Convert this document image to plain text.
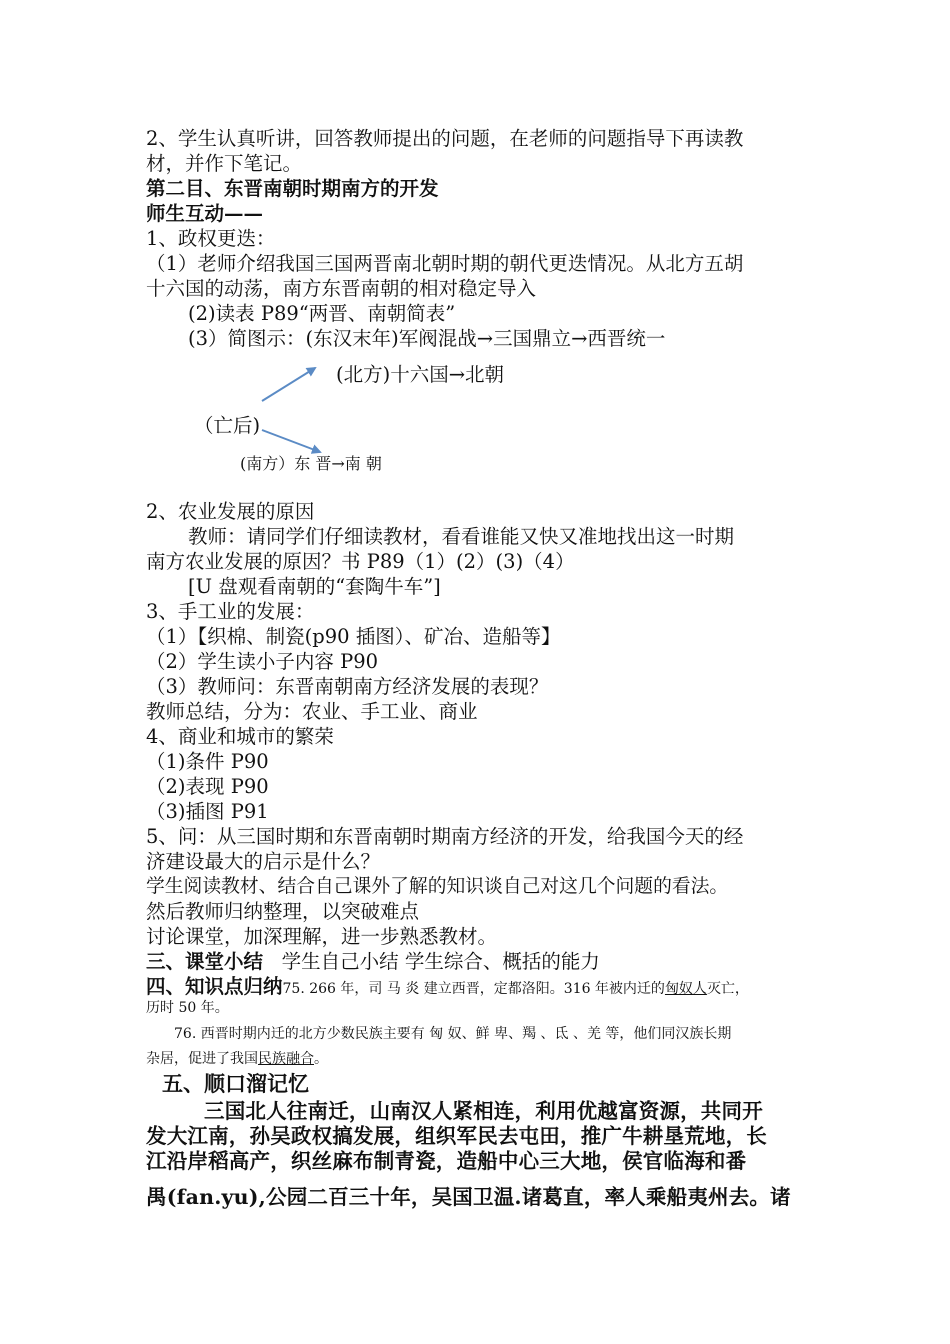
2、学生认真听讲，回答教师提出的问题，在老师的问题指导下再读教
材，并作下笔记。
第二目、东晋南朝时期南方的开发
师生互动——
1、政权更迭：
（1）老师介绍我国三国两晋南北朝时期的朝代更迭情况。从北方五胡
十六国的动荡，南方东晋南朝的相对稳定导入
(2)读表 P89“两晋、南朝简表”
(3）简图示：(东汉末年)军阀混战→三国鼎立→西晋统一
(北方)十六国→北朝
（亡后)
(南方）东 晋→南 朝
2、农业发展的原因
教师：请同学们仔细读教材，看看谁能又快又准地找出这一时期
南方农业发展的原因？书 P89（1）(2）(3)（4）
[U 盘观看南朝的“套陶牛车”]
3、手工业的发展：
（1）【织棉、制瓷(p90 插图）、矿冶、造船等】
（2）学生读小子内容 P90
（3）教师问：东晋南朝南方经济发展的表现？
教师总结，分为：农业、手工业、商业
4、商业和城市的繁荣
（1)条件 P90
（2)表现 P90
（3)插图 P91
5、问：从三国时期和东晋南朝时期南方经济的开发，给我国今天的经
济建设最大的启示是什么？
学生阅读教材、结合自己课外了解的知识谈自己对这几个问题的看法。
然后教师归纳整理，以突破难点
讨论课堂，加深理解，进一步熟悉教材。
三、课堂小结 学生自己小结 学生综合、概括的能力
四、知识点归纳75. 266 年，司 马 炎 建立西晋，定都洛阳。316 年被内迁的匈奴人灭亡，
历时 50 年。
76. 西晋时期内迁的北方少数民族主要有 匈 奴、鲜 卑、羯 、氐 、羌 等，他们同汉族长期
杂居，促进了我国民族融合。
五、顺口溜记忆
三国北人往南迁，山南汉人紧相连，利用优越富资源，共同开
发大江南，孙吴政权搞发展，组织军民去屯田，推广牛耕垦荒地，长
江沿岸稻高产，织丝麻布制青瓷，造船中心三大地，侯官临海和番
禺(fan.yu),公园二百三十年，吴国卫温.诸葛直，率人乘船夷州去。诸
